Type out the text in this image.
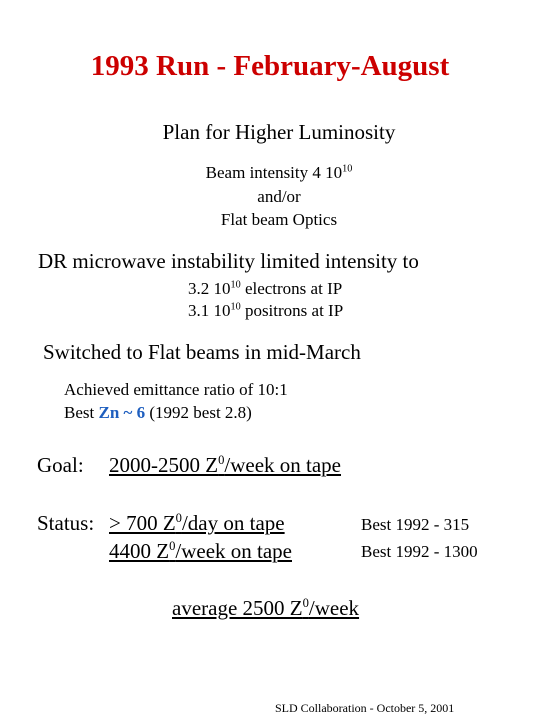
1993 Run - February-August
Plan for Higher Luminosity
Beam intensity 4 $10^{10}$
and/or
Flat beam Optics
DR microwave instability limited intensity to
3.2 $10^{10}$ electrons at IP
3.1 $10^{10}$ positrons at IP
Switched to Flat beams in mid-March
Achieved emittance ratio of 10:1
Best Zn ~ 6 (1992 best 2.8)
Goal: 2000-2500 $Z^0$/week on tape
Status: > 700 $Z^0$/day on tape
4400 $Z^0$/week on tape
Best 1992 - 315
Best 1992 - 1300
average 2500 $Z^0$/week
SLD Collaboration - October 5, 2001
